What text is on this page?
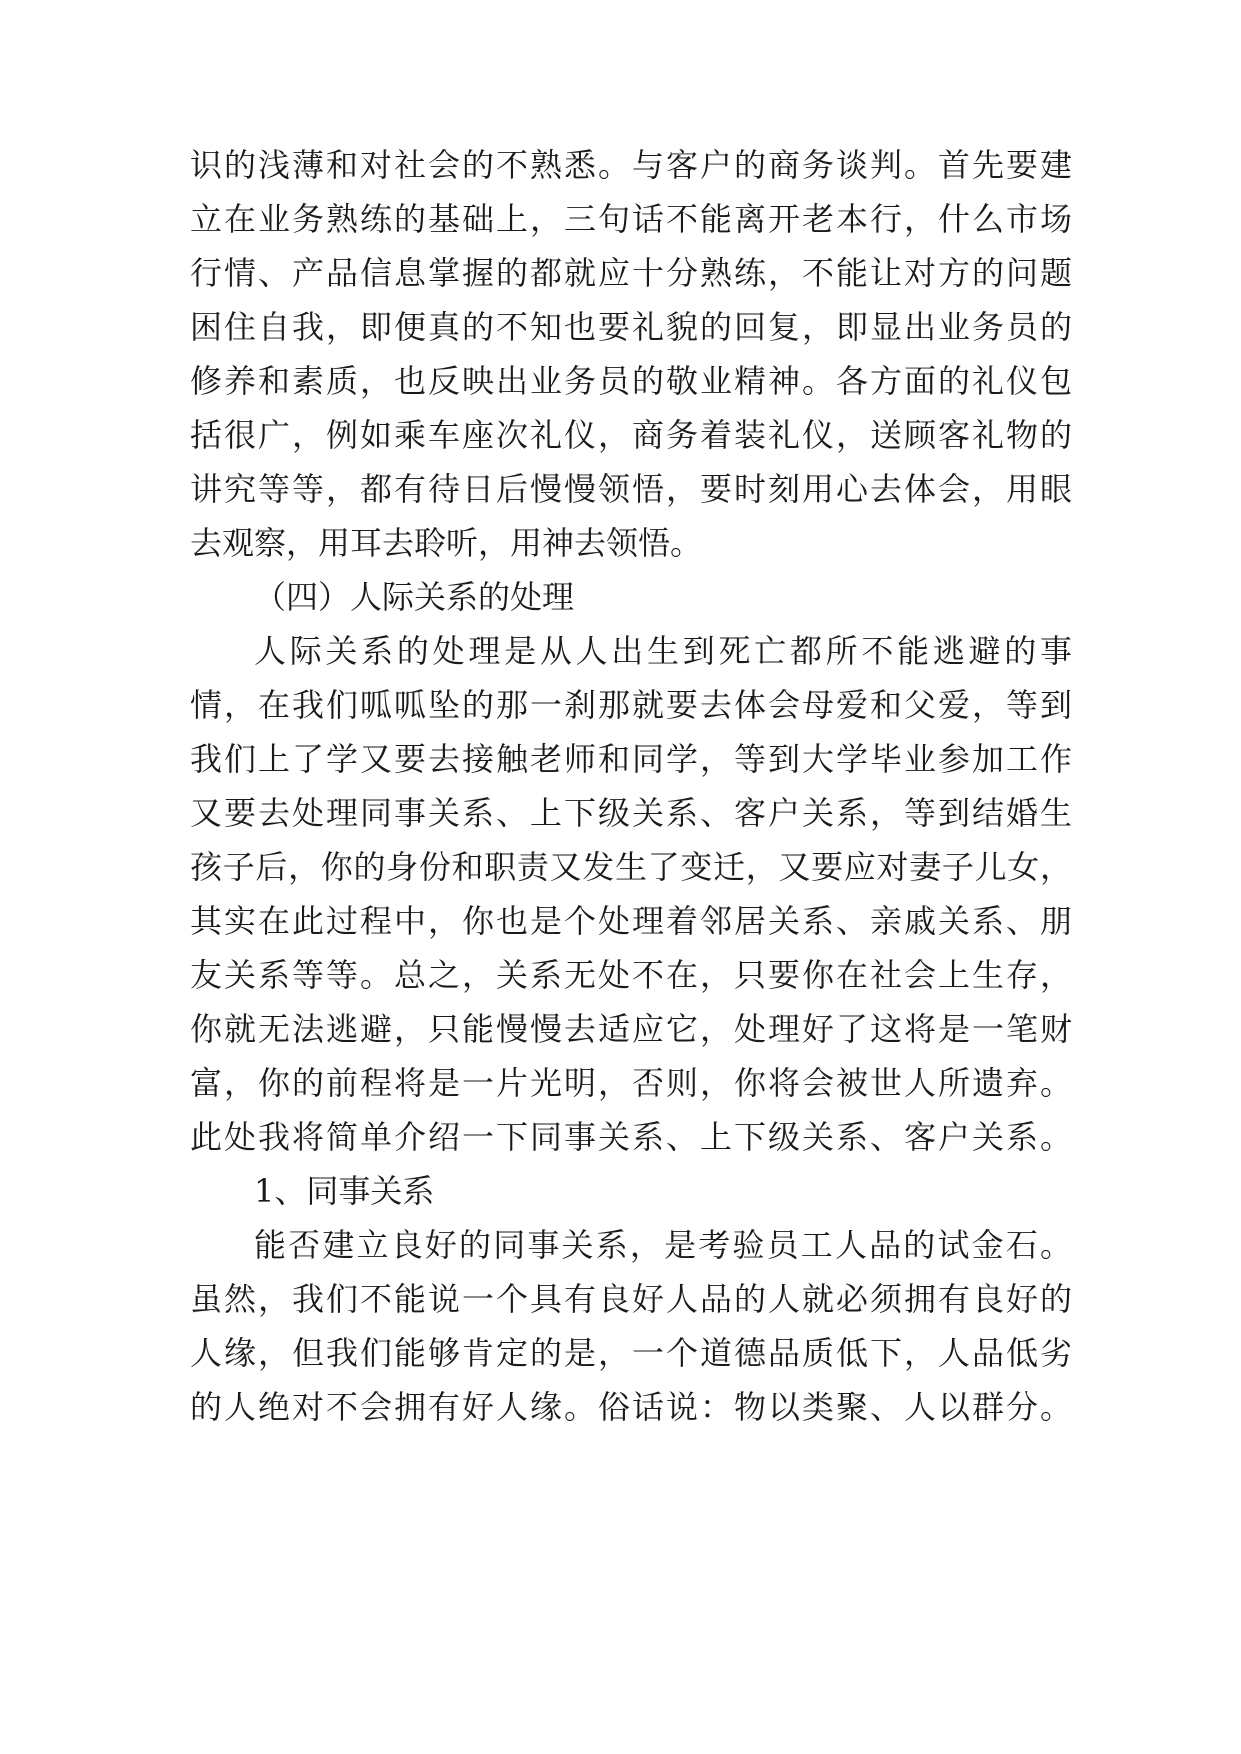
识的浅薄和对社会的不熟悉。与客户的商务谈判。首先要建
立在业务熟练的基础上，三句话不能离开老本行，什么市场
行情、产品信息掌握的都就应十分熟练，不能让对方的问题
困住自我，即便真的不知也要礼貌的回复，即显出业务员的
修养和素质，也反映出业务员的敬业精神。各方面的礼仪包
括很广，例如乘车座次礼仪，商务着装礼仪，送顾客礼物的
讲究等等，都有待日后慢慢领悟，要时刻用心去体会，用眼
去观察，用耳去聆听，用神去领悟。
（四）人际关系的处理
人际关系的处理是从人出生到死亡都所不能逃避的事
情，在我们呱呱坠的那一刹那就要去体会母爱和父爱，等到
我们上了学又要去接触老师和同学，等到大学毕业参加工作
又要去处理同事关系、上下级关系、客户关系，等到结婚生
孩子后，你的身份和职责又发生了变迁，又要应对妻子儿女，
其实在此过程中，你也是个处理着邻居关系、亲戚关系、朋
友关系等等。总之，关系无处不在，只要你在社会上生存，
你就无法逃避，只能慢慢去适应它，处理好了这将是一笔财
富，你的前程将是一片光明，否则，你将会被世人所遗弃。
此处我将简单介绍一下同事关系、上下级关系、客户关系。
1、同事关系
能否建立良好的同事关系，是考验员工人品的试金石。
虽然，我们不能说一个具有良好人品的人就必须拥有良好的
人缘，但我们能够肯定的是，一个道德品质低下，人品低劣
的人绝对不会拥有好人缘。俗话说：物以类聚、人以群分。
